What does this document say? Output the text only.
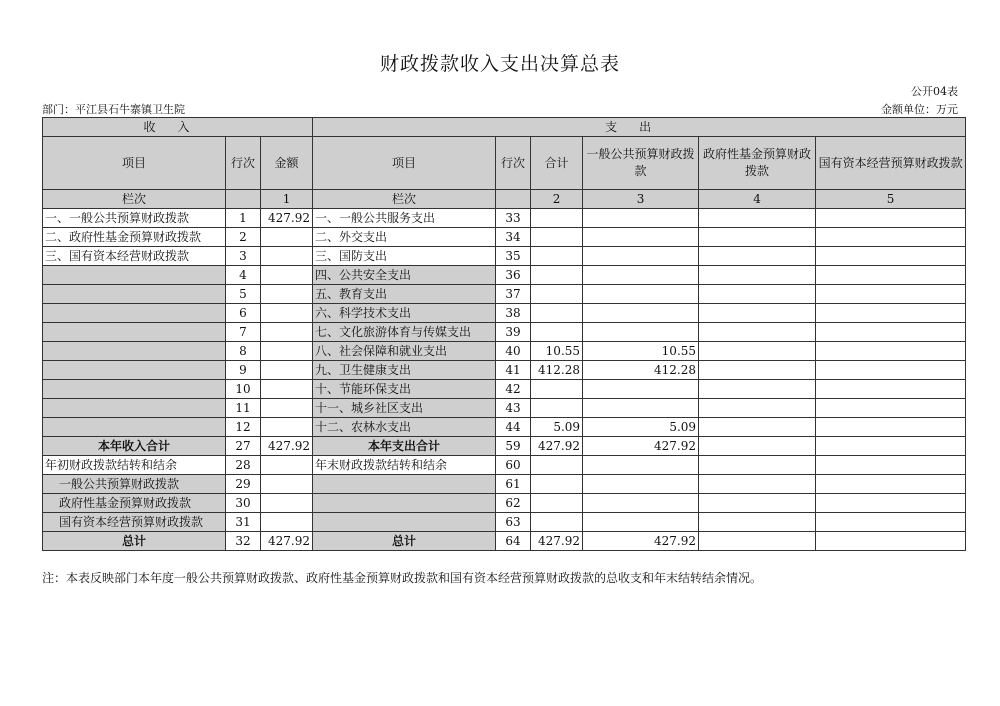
财政拨款收入支出决算总表
公开04表
部门：平江县石牛寨镇卫生院	金额单位：万元
收入			支出					
项目	行次	金额	项目	行次	合计	一般公共预算财政拨款	政府性基金预算财政拨款	国有资本经营预算财政拨款
栏次		1	栏次		2	3	4	5
一、一般公共预算财政拨款	1	427.92	一、一般公共服务支出	33				
二、政府性基金预算财政拨款	2		二、外交支出	34				
三、国有资本经营财政拨款	3		三、国防支出	35				
	4		四、公共安全支出	36				
	5		五、教育支出	37				
	6		六、科学技术支出	38				
	7		七、文化旅游体育与传媒支出	39				
	8		八、社会保障和就业支出	40	10.55	10.55		
	9		九、卫生健康支出	41	412.28	412.28		
	10		十、节能环保支出	42				
	11		十一、城乡社区支出	43				
	12		十二、农林水支出	44	5.09	5.09		
本年收入合计	27	427.92	本年支出合计	59	427.92	427.92		
年初财政拨款结转和结余	28		年末财政拨款结转和结余	60				
一般公共预算财政拨款	29			61				
政府性基金预算财政拨款	30			62				
国有资本经营预算财政拨款	31			63				
总计	32	427.92	总计	64	427.92	427.92		
注：本表反映部门本年度一般公共预算财政拨款、政府性基金预算财政拨款和国有资本经营预算财政拨款的总收支和年末结转结余情况。
